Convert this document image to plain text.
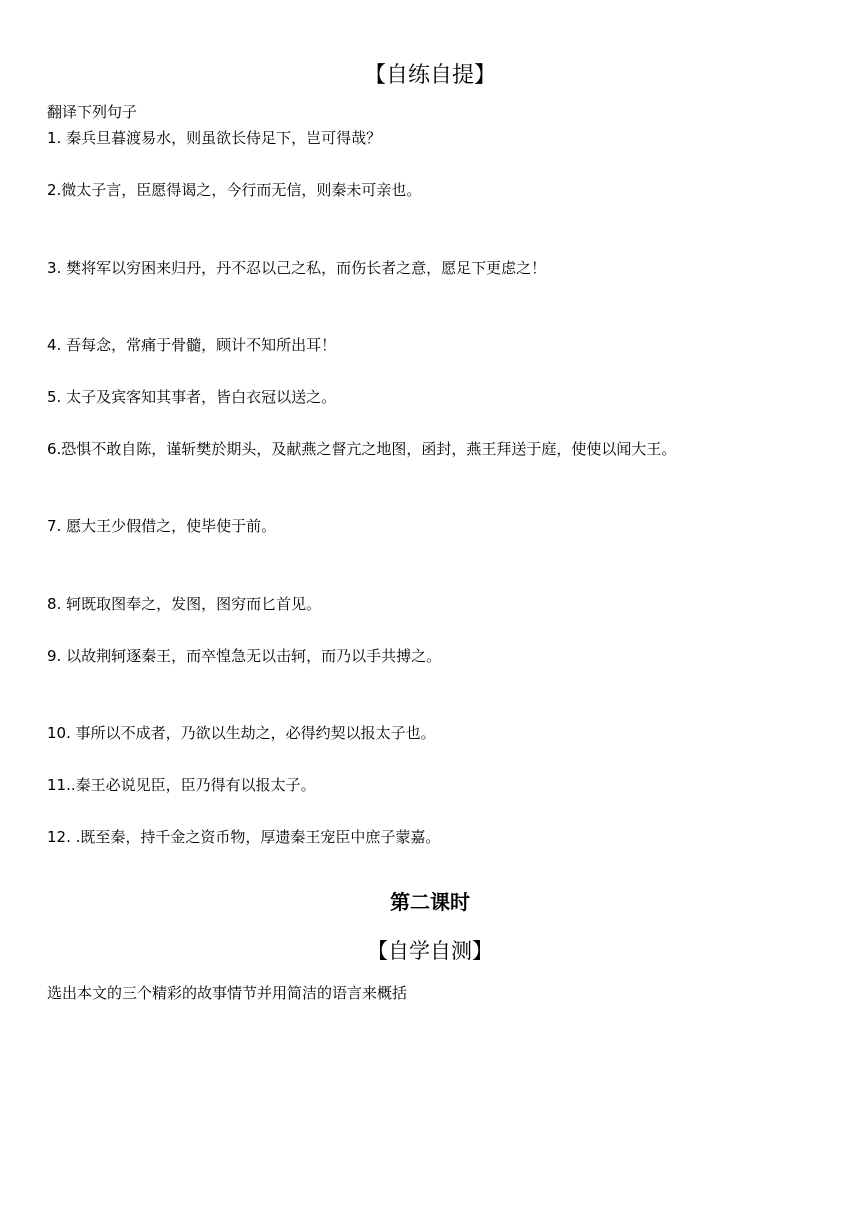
【自练自提】
翻译下列句子
1. 秦兵旦暮渡易水，则虽欲长侍足下，岂可得哉？
2.微太子言，臣愿得谒之，今行而无信，则秦未可亲也。
3. 樊将军以穷困来归丹，丹不忍以己之私，而伤长者之意，愿足下更虑之！
4. 吾每念，常痛于骨髓，顾计不知所出耳！
5. 太子及宾客知其事者，皆白衣冠以送之。
6.恐惧不敢自陈，谨斩樊於期头，及献燕之督亢之地图，函封，燕王拜送于庭，使使以闻大王。
7. 愿大王少假借之，使毕使于前。
8. 轲既取图奉之，发图，图穷而匕首见。
9. 以故荆轲逐秦王，而卒惶急无以击轲，而乃以手共搏之。
10. 事所以不成者，乃欲以生劫之，必得约契以报太子也。
11..秦王必说见臣，臣乃得有以报太子。
12. .既至秦，持千金之资币物，厚遗秦王宠臣中庶子蒙嘉。
第二课时
【自学自测】
选出本文的三个精彩的故事情节并用简洁的语言来概括
